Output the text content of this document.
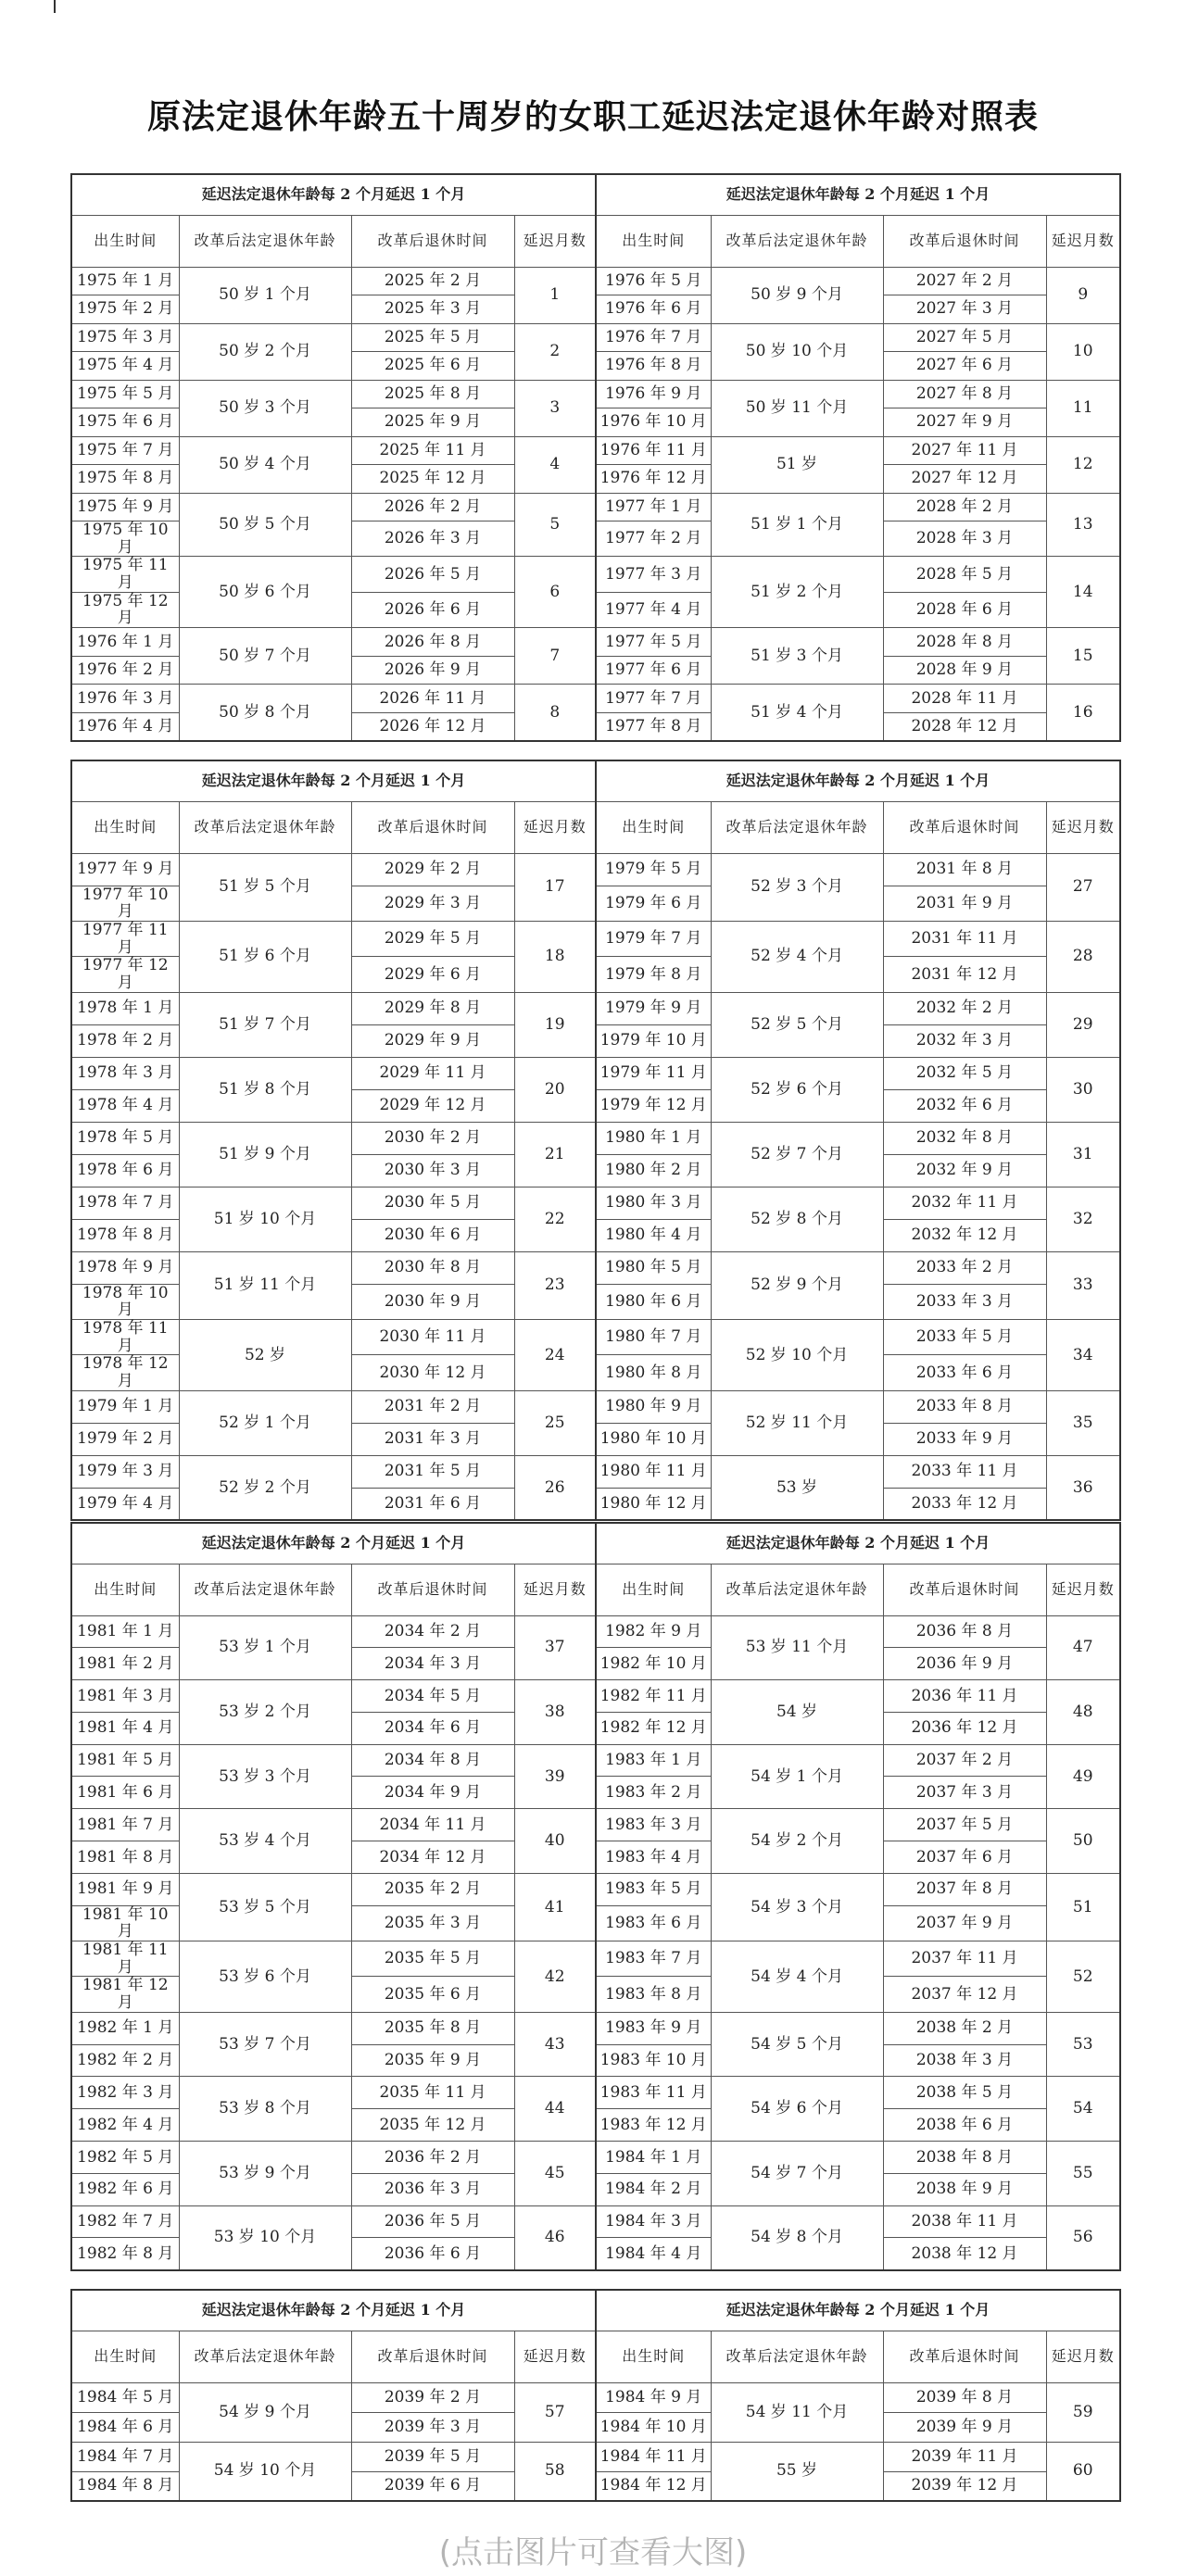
原法定退休年龄五十周岁的女职工延迟法定退休年龄对照表
延迟法定退休年龄每 2 个月延迟 1 个月				延迟法定退休年龄每 2 个月延迟 1 个月			
出生时间	改革后法定退休年龄	改革后退休时间	延迟月数	出生时间	改革后法定退休年龄	改革后退休时间	延迟月数
1975 年 1 月	50 岁 1 个月	2025 年 2 月	1	1976 年 5 月	50 岁 9 个月	2027 年 2 月	9
1975 年 2 月		2025 年 3 月		1976 年 6 月		2027 年 3 月	
1975 年 3 月	50 岁 2 个月	2025 年 5 月	2	1976 年 7 月	50 岁 10 个月	2027 年 5 月	10
1975 年 4 月		2025 年 6 月		1976 年 8 月		2027 年 6 月	
1975 年 5 月	50 岁 3 个月	2025 年 8 月	3	1976 年 9 月	50 岁 11 个月	2027 年 8 月	11
1975 年 6 月		2025 年 9 月		1976 年 10 月		2027 年 9 月	
1975 年 7 月	50 岁 4 个月	2025 年 11 月	4	1976 年 11 月	51 岁	2027 年 11 月	12
1975 年 8 月		2025 年 12 月		1976 年 12 月		2027 年 12 月	
1975 年 9 月	50 岁 5 个月	2026 年 2 月	5	1977 年 1 月	51 岁 1 个月	2028 年 2 月	13
1975 年 10 月		2026 年 3 月		1977 年 2 月		2028 年 3 月	
1975 年 11 月	50 岁 6 个月	2026 年 5 月	6	1977 年 3 月	51 岁 2 个月	2028 年 5 月	14
1975 年 12 月		2026 年 6 月		1977 年 4 月		2028 年 6 月	
1976 年 1 月	50 岁 7 个月	2026 年 8 月	7	1977 年 5 月	51 岁 3 个月	2028 年 8 月	15
1976 年 2 月		2026 年 9 月		1977 年 6 月		2028 年 9 月	
1976 年 3 月	50 岁 8 个月	2026 年 11 月	8	1977 年 7 月	51 岁 4 个月	2028 年 11 月	16
1976 年 4 月		2026 年 12 月		1977 年 8 月		2028 年 12 月	
延迟法定退休年龄每 2 个月延迟 1 个月				延迟法定退休年龄每 2 个月延迟 1 个月			
出生时间	改革后法定退休年龄	改革后退休时间	延迟月数	出生时间	改革后法定退休年龄	改革后退休时间	延迟月数
1977 年 9 月	51 岁 5 个月	2029 年 2 月	17	1979 年 5 月	52 岁 3 个月	2031 年 8 月	27
1977 年 10 月		2029 年 3 月		1979 年 6 月		2031 年 9 月	
1977 年 11 月	51 岁 6 个月	2029 年 5 月	18	1979 年 7 月	52 岁 4 个月	2031 年 11 月	28
1977 年 12 月		2029 年 6 月		1979 年 8 月		2031 年 12 月	
1978 年 1 月	51 岁 7 个月	2029 年 8 月	19	1979 年 9 月	52 岁 5 个月	2032 年 2 月	29
1978 年 2 月		2029 年 9 月		1979 年 10 月		2032 年 3 月	
1978 年 3 月	51 岁 8 个月	2029 年 11 月	20	1979 年 11 月	52 岁 6 个月	2032 年 5 月	30
1978 年 4 月		2029 年 12 月		1979 年 12 月		2032 年 6 月	
1978 年 5 月	51 岁 9 个月	2030 年 2 月	21	1980 年 1 月	52 岁 7 个月	2032 年 8 月	31
1978 年 6 月		2030 年 3 月		1980 年 2 月		2032 年 9 月	
1978 年 7 月	51 岁 10 个月	2030 年 5 月	22	1980 年 3 月	52 岁 8 个月	2032 年 11 月	32
1978 年 8 月		2030 年 6 月		1980 年 4 月		2032 年 12 月	
1978 年 9 月	51 岁 11 个月	2030 年 8 月	23	1980 年 5 月	52 岁 9 个月	2033 年 2 月	33
1978 年 10 月		2030 年 9 月		1980 年 6 月		2033 年 3 月	
1978 年 11 月	52 岁	2030 年 11 月	24	1980 年 7 月	52 岁 10 个月	2033 年 5 月	34
1978 年 12 月		2030 年 12 月		1980 年 8 月		2033 年 6 月	
1979 年 1 月	52 岁 1 个月	2031 年 2 月	25	1980 年 9 月	52 岁 11 个月	2033 年 8 月	35
1979 年 2 月		2031 年 3 月		1980 年 10 月		2033 年 9 月	
1979 年 3 月	52 岁 2 个月	2031 年 5 月	26	1980 年 11 月	53 岁	2033 年 11 月	36
1979 年 4 月		2031 年 6 月		1980 年 12 月		2033 年 12 月	
延迟法定退休年龄每 2 个月延迟 1 个月				延迟法定退休年龄每 2 个月延迟 1 个月			
出生时间	改革后法定退休年龄	改革后退休时间	延迟月数	出生时间	改革后法定退休年龄	改革后退休时间	延迟月数
1981 年 1 月	53 岁 1 个月	2034 年 2 月	37	1982 年 9 月	53 岁 11 个月	2036 年 8 月	47
1981 年 2 月		2034 年 3 月		1982 年 10 月		2036 年 9 月	
1981 年 3 月	53 岁 2 个月	2034 年 5 月	38	1982 年 11 月	54 岁	2036 年 11 月	48
1981 年 4 月		2034 年 6 月		1982 年 12 月		2036 年 12 月	
1981 年 5 月	53 岁 3 个月	2034 年 8 月	39	1983 年 1 月	54 岁 1 个月	2037 年 2 月	49
1981 年 6 月		2034 年 9 月		1983 年 2 月		2037 年 3 月	
1981 年 7 月	53 岁 4 个月	2034 年 11 月	40	1983 年 3 月	54 岁 2 个月	2037 年 5 月	50
1981 年 8 月		2034 年 12 月		1983 年 4 月		2037 年 6 月	
1981 年 9 月	53 岁 5 个月	2035 年 2 月	41	1983 年 5 月	54 岁 3 个月	2037 年 8 月	51
1981 年 10 月		2035 年 3 月		1983 年 6 月		2037 年 9 月	
1981 年 11 月	53 岁 6 个月	2035 年 5 月	42	1983 年 7 月	54 岁 4 个月	2037 年 11 月	52
1981 年 12 月		2035 年 6 月		1983 年 8 月		2037 年 12 月	
1982 年 1 月	53 岁 7 个月	2035 年 8 月	43	1983 年 9 月	54 岁 5 个月	2038 年 2 月	53
1982 年 2 月		2035 年 9 月		1983 年 10 月		2038 年 3 月	
1982 年 3 月	53 岁 8 个月	2035 年 11 月	44	1983 年 11 月	54 岁 6 个月	2038 年 5 月	54
1982 年 4 月		2035 年 12 月		1983 年 12 月		2038 年 6 月	
1982 年 5 月	53 岁 9 个月	2036 年 2 月	45	1984 年 1 月	54 岁 7 个月	2038 年 8 月	55
1982 年 6 月		2036 年 3 月		1984 年 2 月		2038 年 9 月	
1982 年 7 月	53 岁 10 个月	2036 年 5 月	46	1984 年 3 月	54 岁 8 个月	2038 年 11 月	56
1982 年 8 月		2036 年 6 月		1984 年 4 月		2038 年 12 月	
延迟法定退休年龄每 2 个月延迟 1 个月				延迟法定退休年龄每 2 个月延迟 1 个月			
出生时间	改革后法定退休年龄	改革后退休时间	延迟月数	出生时间	改革后法定退休年龄	改革后退休时间	延迟月数
1984 年 5 月	54 岁 9 个月	2039 年 2 月	57	1984 年 9 月	54 岁 11 个月	2039 年 8 月	59
1984 年 6 月		2039 年 3 月		1984 年 10 月		2039 年 9 月	
1984 年 7 月	54 岁 10 个月	2039 年 5 月	58	1984 年 11 月	55 岁	2039 年 11 月	60
1984 年 8 月		2039 年 6 月		1984 年 12 月		2039 年 12 月	
(点击图片可查看大图)
